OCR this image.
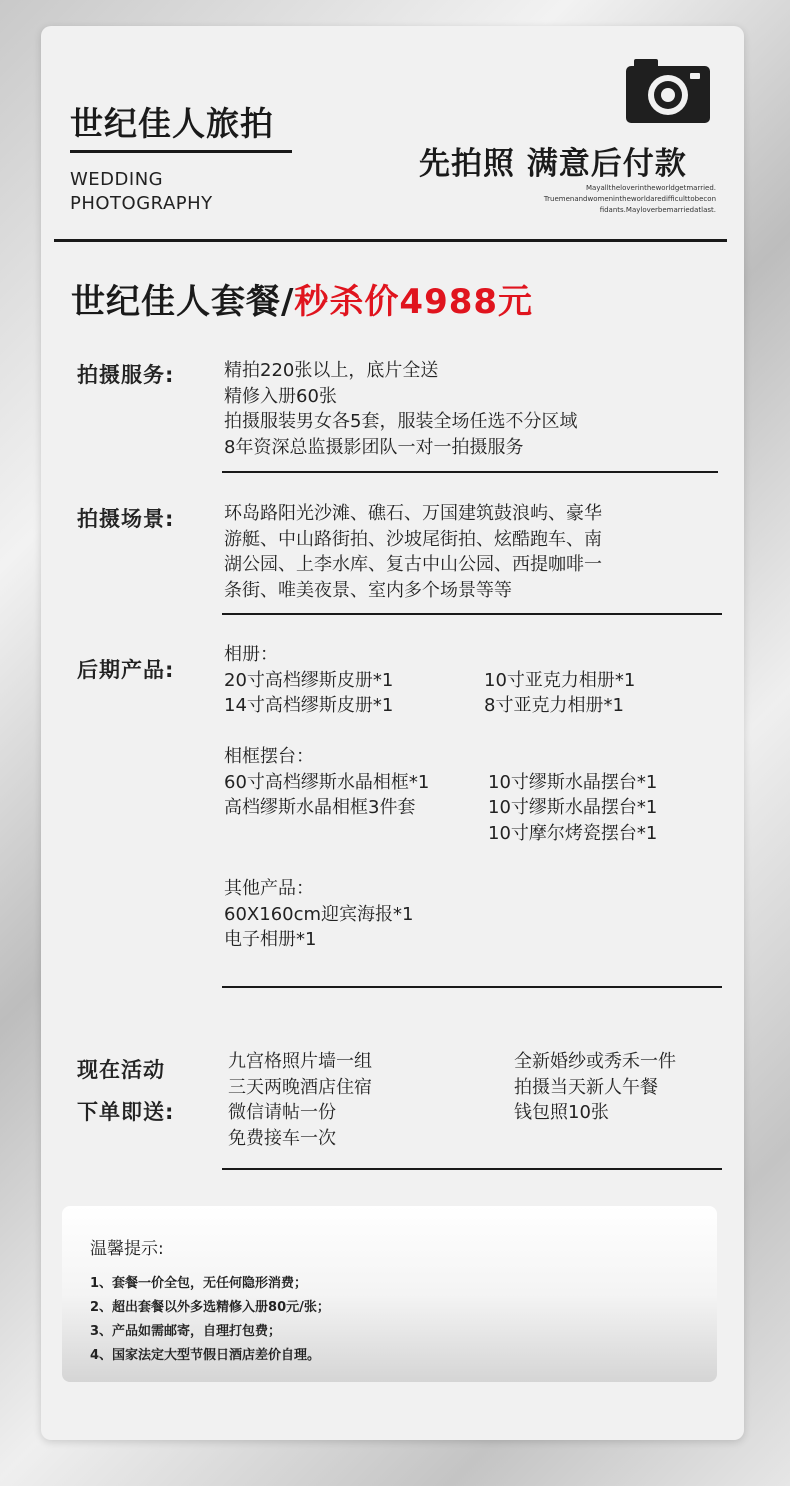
世纪佳人旅拍
WEDDING
PHOTOGRAPHY
先拍照 满意后付款
Mayalltheloverintheworldgetmarried.
Truemenandwomenintheworldaredifficulttobecon
fidants.Mayloverbemarriedatlast.
世纪佳人套餐/秒杀价4988元
拍摄服务:	精拍220张以上，底片全送
精修入册60张
拍摄服装男女各5套，服装全场任选不分区域
8年资深总监摄影团队一对一拍摄服务
拍摄场景:	环岛路阳光沙滩、礁石、万国建筑鼓浪屿、豪华
游艇、中山路街拍、沙坡尾街拍、炫酷跑车、南
湖公园、上李水库、复古中山公园、西提咖啡一
条街、唯美夜景、室内多个场景等等
后期产品:
相册：
20寸高档缪斯皮册*1
14寸高档缪斯皮册*1
10寸亚克力相册*1
8寸亚克力相册*1
相框摆台：
60寸高档缪斯水晶相框*1
高档缪斯水晶相框3件套
10寸缪斯水晶摆台*1
10寸缪斯水晶摆台*1
10寸摩尔烤瓷摆台*1
其他产品：
60X160cm迎宾海报*1
电子相册*1
现在活动
下单即送:
九宫格照片墙一组
三天两晚酒店住宿
微信请帖一份
免费接车一次
全新婚纱或秀禾一件
拍摄当天新人午餐
钱包照10张
温馨提示:
1、套餐一价全包，无任何隐形消费；
2、超出套餐以外多选精修入册80元/张；
3、产品如需邮寄，自理打包费；
4、国家法定大型节假日酒店差价自理。
